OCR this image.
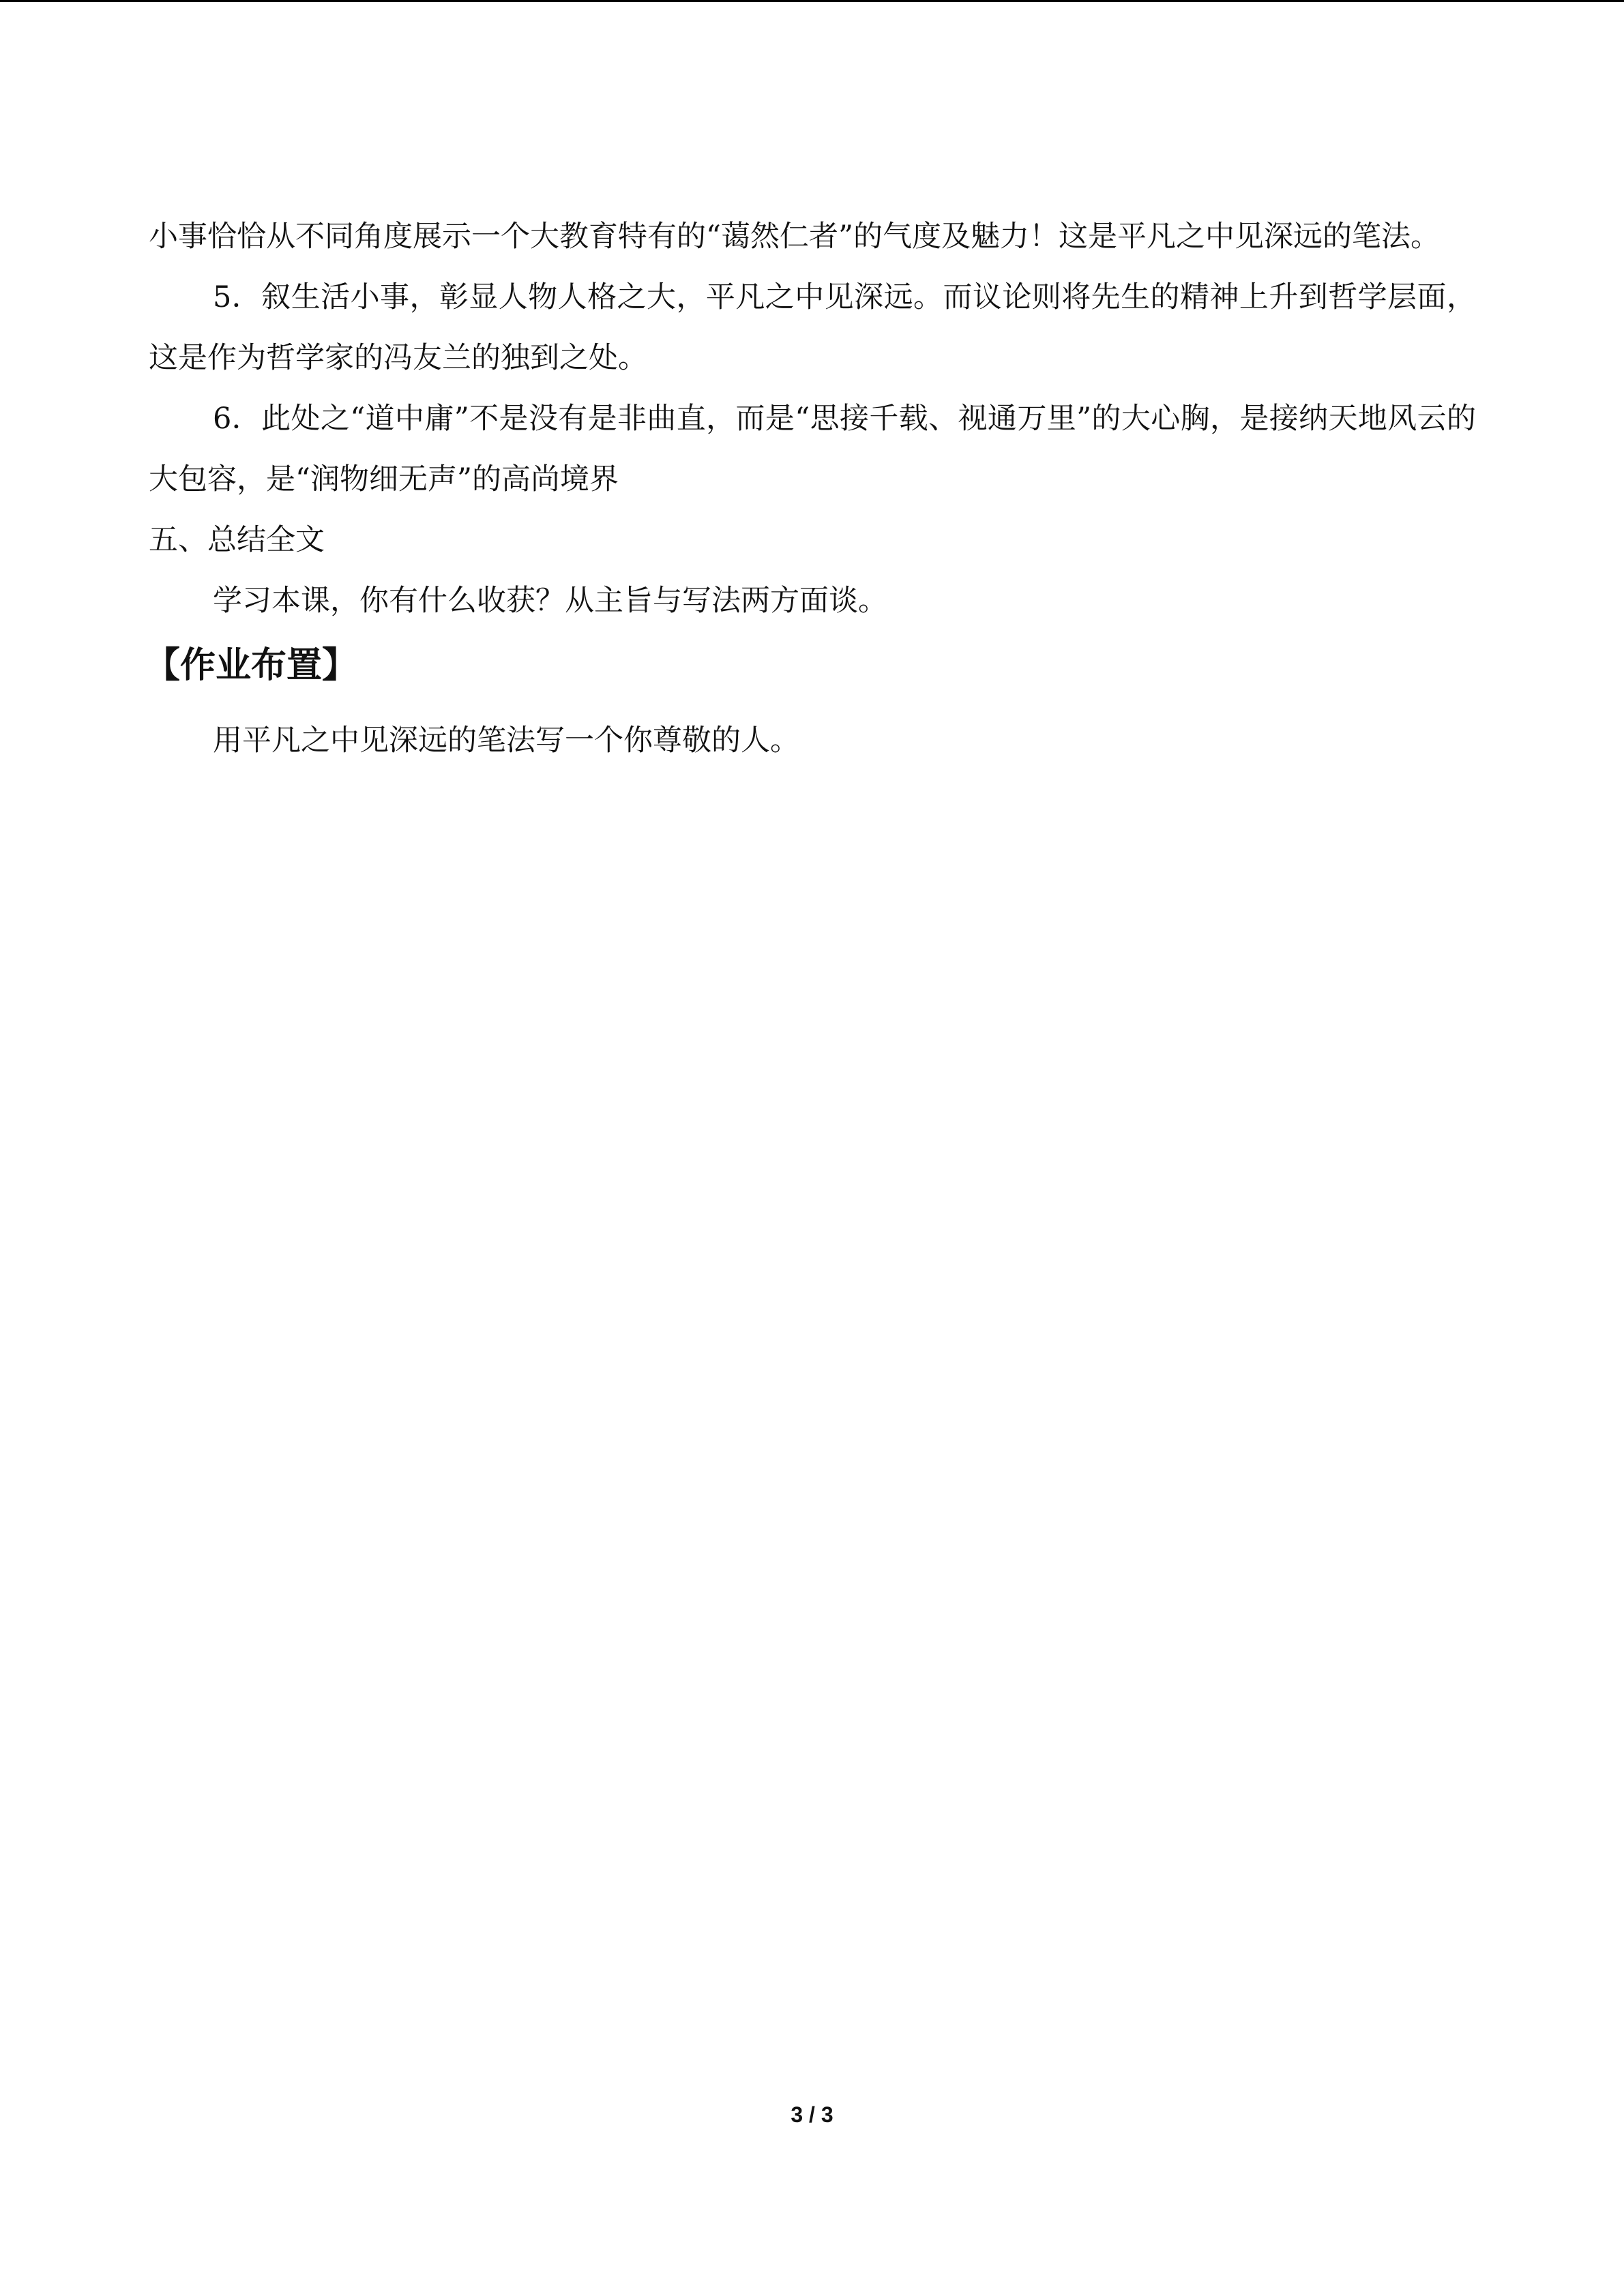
小事恰恰从不同角度展示一个大教育特有的“蔼然仁者”的气度及魅力！这是平凡之中见深远的笔法。

5．叙生活小事，彰显人物人格之大，平凡之中见深远。而议论则将先生的精神上升到哲学层面，这是作为哲学家的冯友兰的独到之处。

6．此处之“道中庸”不是没有是非曲直，而是“思接千载、视通万里”的大心胸，是接纳天地风云的大包容，是“润物细无声”的高尚境界

五、总结全文

学习本课，你有什么收获？从主旨与写法两方面谈。

【作业布置】

用平凡之中见深远的笔法写一个你尊敬的人。

3 / 3
